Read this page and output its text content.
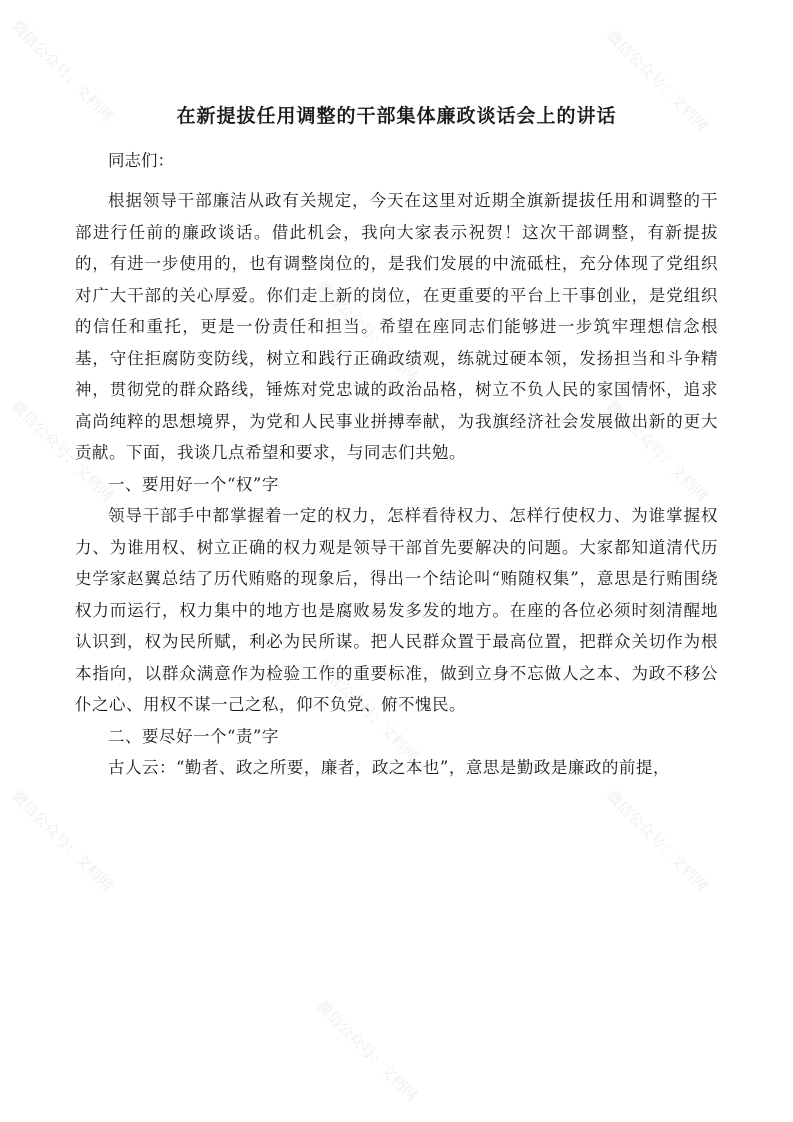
在新提拔任用调整的干部集体廉政谈话会上的讲话

同志们：

根据领导干部廉洁从政有关规定，今天在这里对近期全旗新提拔任用和调整的干部进行任前的廉政谈话。借此机会，我向大家表示祝贺！这次干部调整，有新提拔的，有进一步使用的，也有调整岗位的，是我们发展的中流砥柱，充分体现了党组织对广大干部的关心厚爱。你们走上新的岗位，在更重要的平台上干事创业，是党组织的信任和重托，更是一份责任和担当。希望在座同志们能够进一步筑牢理想信念根基，守住拒腐防变防线，树立和践行正确政绩观，练就过硬本领，发扬担当和斗争精神，贯彻党的群众路线，锤炼对党忠诚的政治品格，树立不负人民的家国情怀，追求高尚纯粹的思想境界，为党和人民事业拼搏奉献，为我旗经济社会发展做出新的更大贡献。下面，我谈几点希望和要求，与同志们共勉。

一、要用好一个“权”字

领导干部手中都掌握着一定的权力，怎样看待权力、怎样行使权力、为谁掌握权力、为谁用权、树立正确的权力观是领导干部首先要解决的问题。大家都知道清代历史学家赵翼总结了历代贿赂的现象后，得出一个结论叫“贿随权集”，意思是行贿围绕权力而运行，权力集中的地方也是腐败易发多发的地方。在座的各位必须时刻清醒地认识到，权为民所赋，利必为民所谋。把人民群众置于最高位置，把群众关切作为根本指向，以群众满意作为检验工作的重要标准，做到立身不忘做人之本、为政不移公仆之心、用权不谋一己之私，仰不负党、俯不愧民。

二、要尽好一个“责”字

古人云：“勤者、政之所要，廉者，政之本也”，意思是勤政是廉政的前提，

微信公众号：文档网	微信公众号：文档网
微信公众号：文档网
微信公众号：文档网	微信公众号：文档网
微信公众号：文档网
微信公众号：文档网	微信公众号：文档网
微信公众号：文档网
